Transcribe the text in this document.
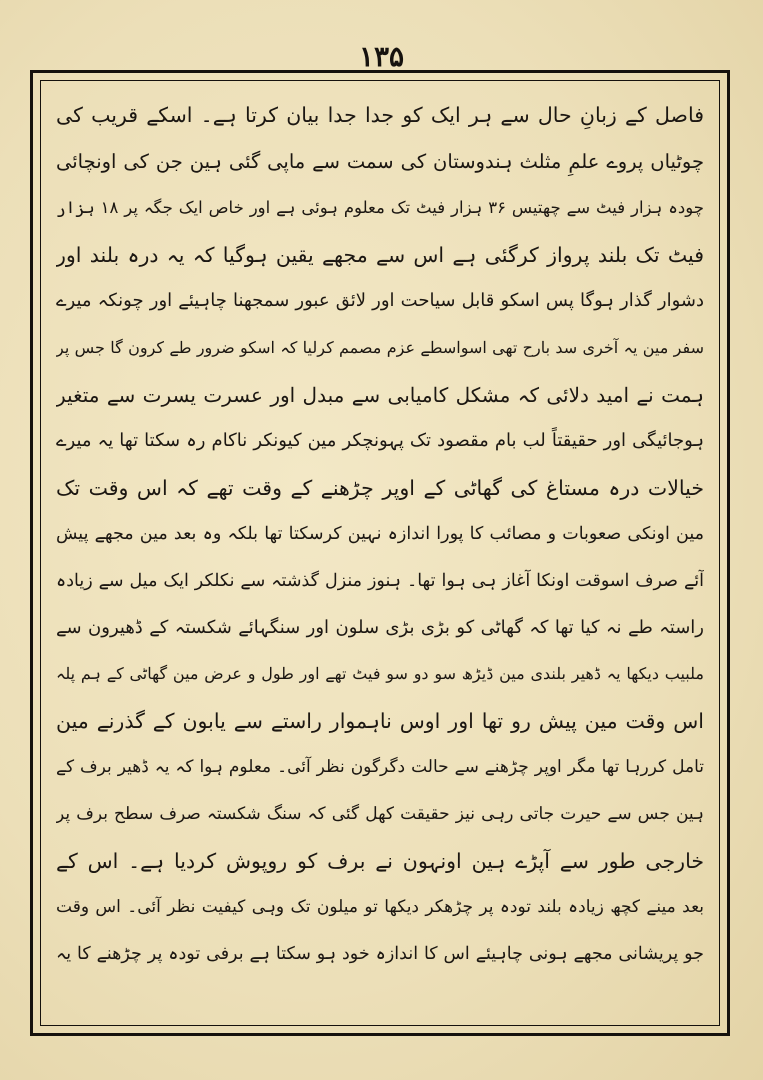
۱۳۵
فاصل کے زبانِ حال سے ہر ایک کو جدا جدا بیان کرتا ہے۔ اسکے قریب کی
چوٹیاں پروے علمِ مثلث ہندوستان کی سمت سے ماپی گئی ہین جن کی اونچائی
چودہ ہزار فیٹ سے چھتیس ۳۶ ہزار فیٹ تک معلوم ہوئی ہے اور خاص ایک جگہ پر ۱۸ ہزار
فیٹ تک بلند پرواز کرگئی ہے اس سے مجھے یقین ہوگیا کہ یہ درہ بلند اور
دشوار گذار ہوگا پس اسکو قابل سیاحت اور لائق عبور سمجھنا چاہیئے اور چونکہ میرے
سفر مین یہ آخری سد بارح تھی اسواسطے عزم مصمم کرلیا کہ اسکو ضرور طے کرون گا جس پر
ہمت نے امید دلائی کہ مشکل کامیابی سے مبدل اور عسرت یسرت سے متغیر
ہوجائیگی اور حقیقتاً لب بام مقصود تک پہونچکر مین کیونکر ناکام رہ سکتا تھا یہ میرے
خیالات درہ مستاغ کی گھاٹی کے اوپر چڑھنے کے وقت تھے کہ اس وقت تک
مین اونکی صعوبات و مصائب کا پورا اندازہ نہین کرسکتا تھا بلکہ وہ بعد مین مجھے پیش
آئے صرف اسوقت اونکا آغاز ہی ہوا تھا۔ ہنوز منزل گذشتہ سے نکلکر ایک میل سے زیادہ
راستہ طے نہ کیا تھا کہ گھاٹی کو بڑی بڑی سلون اور سنگہائے شکستہ کے ڈھیرون سے
ملبیب دیکھا یہ ڈھیر بلندی مین ڈیڑھ سو دو سو فیٹ تھے اور طول و عرض مین گھاٹی کے ہم پلہ
اس وقت مین پیش رو تھا اور اوس ناہموار راستے سے یابون کے گذرنے مین
تامل کررہا تھا مگر اوپر چڑھنے سے حالت دگرگون نظر آئی۔ معلوم ہوا کہ یہ ڈھیر برف کے
ہین جس سے حیرت جاتی رہی نیز حقیقت کھل گئی کہ سنگ شکستہ صرف سطح برف پر
خارجی طور سے آپڑے ہین اونہون نے برف کو روپوش کردیا ہے۔ اس کے
بعد مینے کچھ زیادہ بلند تودہ پر چڑھکر دیکھا تو میلون تک وہی کیفیت نظر آئی۔ اس وقت
جو پریشانی مجھے ہونی چاہیئے اس کا اندازہ خود ہو سکتا ہے برفی تودہ پر چڑھنے کا یہ
